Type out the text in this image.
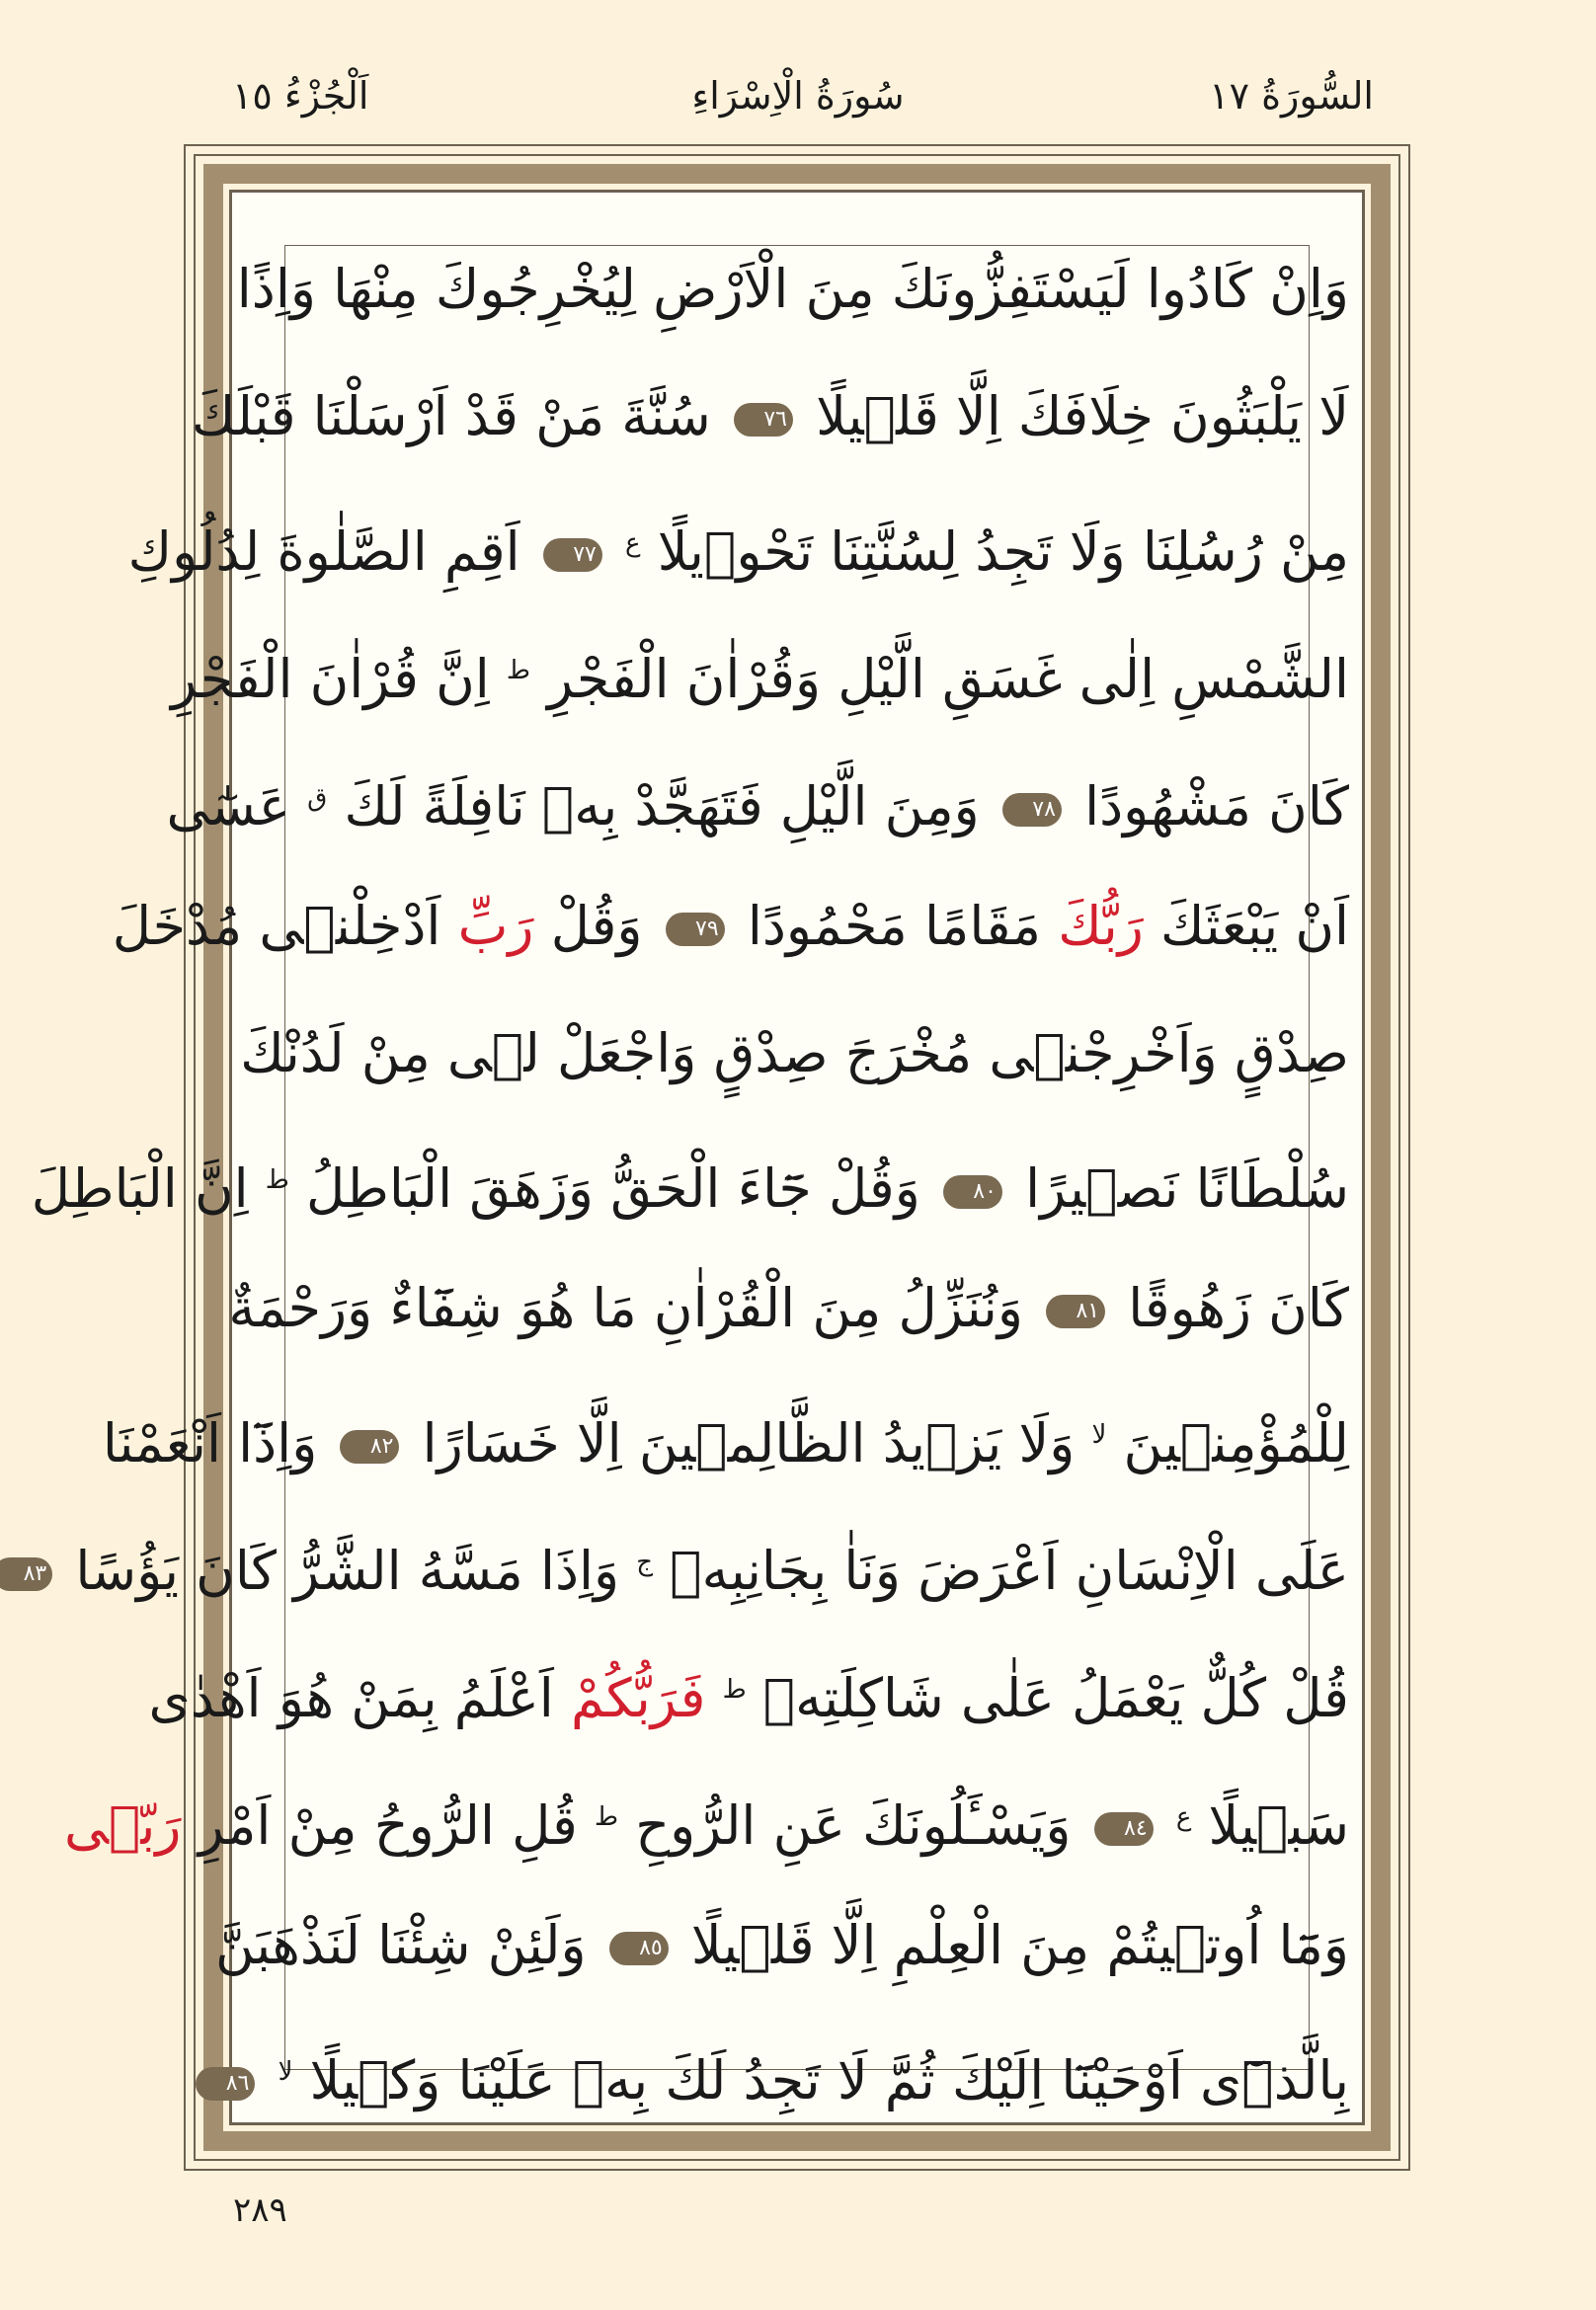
السُّورَةُ ١٧
سُورَةُ الْاِسْرَاءِ
اَلْجُزْءُ ١٥
وَاِنْ كَادُوا لَيَسْتَفِزُّونَكَ مِنَ الْاَرْضِ لِيُخْرِجُوكَ مِنْهَا وَاِذًا
لَا يَلْبَثُونَ خِلَافَكَ اِلَّا قَلٖيلًا ٧٦ سُنَّةَ مَنْ قَدْ اَرْسَلْنَا قَبْلَكَ
مِنْ رُسُلِنَا وَلَا تَجِدُ لِسُنَّتِنَا تَحْوٖيلًا $^ع$ ٧٧ اَقِمِ الصَّلٰوةَ لِدُلُوكِ
الشَّمْسِ اِلٰى غَسَقِ الَّيْلِ وَقُرْاٰنَ الْفَجْرِ $^ط$ اِنَّ قُرْاٰنَ الْفَجْرِ
كَانَ مَشْهُودًا ٧٨ وَمِنَ الَّيْلِ فَتَهَجَّدْ بِهٖ نَافِلَةً لَكَ $^ق$ عَسٰٓى
اَنْ يَبْعَثَكَ رَبُّكَ مَقَامًا مَحْمُودًا ٧٩ وَقُلْ رَبِّ اَدْخِلْنٖى مُدْخَلَ
صِدْقٍ وَاَخْرِجْنٖى مُخْرَجَ صِدْقٍ وَاجْعَلْ لٖى مِنْ لَدُنْكَ
سُلْطَانًا نَصٖيرًا ٨٠ وَقُلْ جَٓاءَ الْحَقُّ وَزَهَقَ الْبَاطِلُ $^ط$ اِنَّ الْبَاطِلَ
كَانَ زَهُوقًا ٨١ وَنُنَزِّلُ مِنَ الْقُرْاٰنِ مَا هُوَ شِفَٓاءٌ وَرَحْمَةٌ
لِلْمُؤْمِنٖينَ $^{لا}$ وَلَا يَزٖيدُ الظَّالِمٖينَ اِلَّا خَسَارًا ٨٢ وَاِذَٓا اَنْعَمْنَا
عَلَى الْاِنْسَانِ اَعْرَضَ وَنَاٰ بِجَانِبِهٖ $^ج$ وَاِذَا مَسَّهُ الشَّرُّ كَانَ يَؤُسًا ٨٣
قُلْ كُلٌّ يَعْمَلُ عَلٰى شَاكِلَتِهٖ $^ط$ فَرَبُّكُمْ اَعْلَمُ بِمَنْ هُوَ اَهْدٰى
سَبٖيلًا $^ع$ ٨٤ وَيَسْـَٔلُونَكَ عَنِ الرُّوحِ $^ط$ قُلِ الرُّوحُ مِنْ اَمْرِ رَبّٖى
وَمَٓا اُوتٖيتُمْ مِنَ الْعِلْمِ اِلَّا قَلٖيلًا ٨٥ وَلَئِنْ شِئْنَا لَنَذْهَبَنَّ
بِالَّذٖٓى اَوْحَيْنَٓا اِلَيْكَ ثُمَّ لَا تَجِدُ لَكَ بِهٖ عَلَيْنَا وَكٖيلًا $^{لا}$ ٨٦
٢٨٩
